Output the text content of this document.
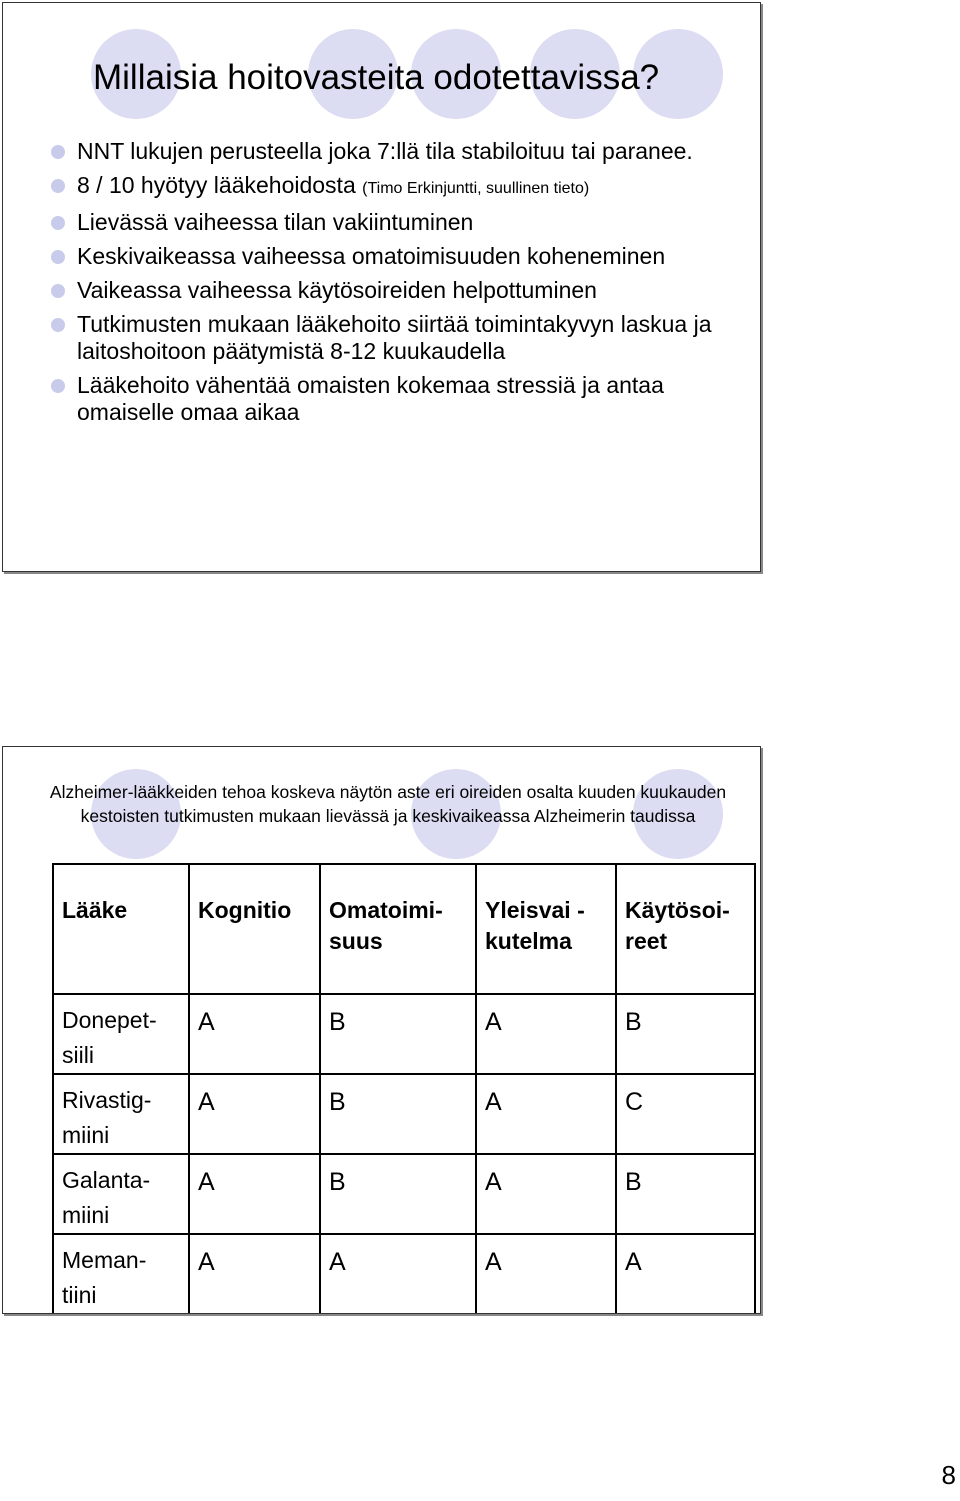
Millaisia hoitovasteita odotettavissa?
NNT lukujen perusteella joka 7:llä tila stabiloituu tai paranee.
8 / 10 hyötyy lääkehoidosta (Timo Erkinjuntti, suullinen tieto)
Lievässä vaiheessa tilan vakiintuminen
Keskivaikeassa vaiheessa omatoimisuuden koheneminen
Vaikeassa vaiheessa käytösoireiden helpottuminen
Tutkimusten mukaan lääkehoito siirtää toimintakyvyn laskua ja laitoshoitoon päätymistä 8-12 kuukaudella
Lääkehoito vähentää omaisten kokemaa stressiä ja antaa omaiselle omaa aikaa
Alzheimer-lääkkeiden tehoa koskeva näytön aste eri oireiden osalta kuuden kuukauden kestoisten tutkimusten mukaan lievässä ja keskivaikeassa Alzheimerin taudissa
Lääke	Kognitio	Omatoimi-suus	Yleisvai -kutelma	Käytösoi-reet
Donepet-siili	A	B	A	B
Rivastig-miini	A	B	A	C
Galanta-miini	A	B	A	B
Meman-tiini	A	A	A	A
8
